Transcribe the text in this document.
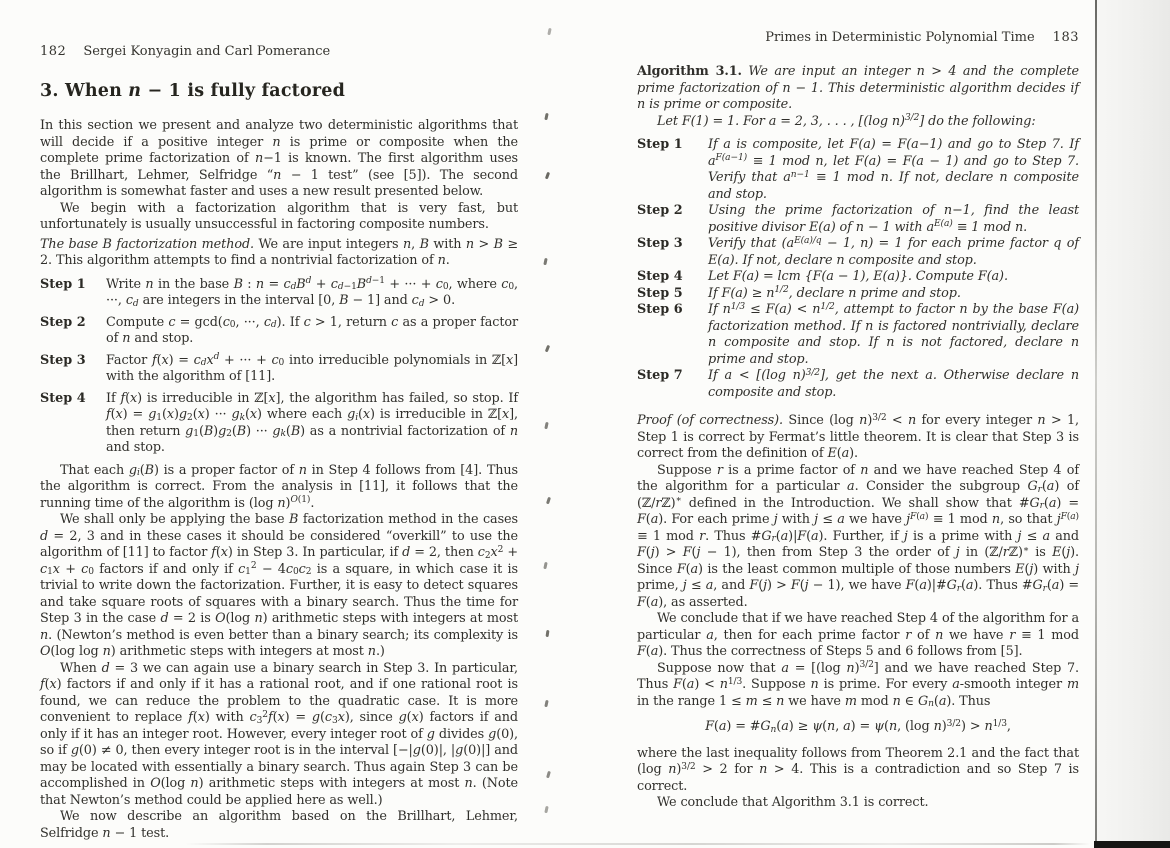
182 Sergei Konyagin and Carl Pomerance
3. When n − 1 is fully factored

In this section we present and analyze two deterministic algorithms that will decide if a positive integer n is prime or composite when the complete prime factorization of n−1 is known. The first algorithm uses the Brillhart, Lehmer, Selfridge “n − 1 test” (see [5]). The second algorithm is somewhat faster and uses a new result presented below.

We begin with a factorization algorithm that is very fast, but unfortunately is usually unsuccessful in factoring composite numbers.

The base B factorization method. We are input integers n, B with n > B ≥ 2. This algorithm attempts to find a nontrivial factorization of n.

Step 1	Write n in the base B : $n = c_dB^d + c_{d-1}B^{d-1}$ + ··· + $c_0$, where $c_0$, ···, $c_d$ are integers in the interval [0, B − 1] and $c_d > 0$.

Step 2	Compute $c = \gcd(c_0$, ···, $c_d$). If c > 1, return c as a proper factor of n and stop.

Step 3	Factor $f(x) = c_dx^d$ + ··· + $c_0$ into irreducible polynomials in ℤ[x] with the algorithm of [11].

Step 4	If f(x) is irreducible in ℤ[x], the algorithm has failed, so stop. If $f(x) = g_1(x)g_2(x)$ ··· $g_k(x)$ where each $g_i(x)$ is irreducible in ℤ[x], then return $g_1(B)g_2(B)$ ··· $g_k(B)$ as a nontrivial factorization of n and stop.

That each $g_i(B)$ is a proper factor of n in Step 4 follows from [4]. Thus the algorithm is correct. From the analysis in [11], it follows that the running time of the algorithm is (log n)$^{O(1)}$.

We shall only be applying the base B factorization method in the cases d = 2, 3 and in these cases it should be considered “overkill” to use the algorithm of [11] to factor f(x) in Step 3. In particular, if d = 2, then $c_2x^2 + c_1x + c_0$ factors if and only if $c_1^2 - 4c_0c_2$ is a square, in which case it is trivial to write down the factorization. Further, it is easy to detect squares and take square roots of squares with a binary search. Thus the time for Step 3 in the case d = 2 is O(log n) arithmetic steps with integers at most n. (Newton’s method is even better than a binary search; its complexity is O(log log n) arithmetic steps with integers at most n.)

When d = 3 we can again use a binary search in Step 3. In particular, f(x) factors if and only if it has a rational root, and if one rational root is found, we can reduce the problem to the quadratic case. It is more convenient to replace f(x) with $c_3^2f(x) = g(c_3x)$, since g(x) factors if and only if it has an integer root. However, every integer root of g divides g(0), so if g(0) ≠ 0, then every integer root is in the interval [−|g(0)|, |g(0)|] and may be located with essentially a binary search. Thus again Step 3 can be accomplished in O(log n) arithmetic steps with integers at most n. (Note that Newton’s method could be applied here as well.)

We now describe an algorithm based on the Brillhart, Lehmer, Selfridge n − 1 test.

Primes in Deterministic Polynomial Time 183

Algorithm 3.1. We are input an integer n > 4 and the complete prime factorization of n − 1. This deterministic algorithm decides if n is prime or composite.

Let F(1) = 1. For a = 2, 3, . . . , [(log n)$^{3/2}$] do the following:

Step 1	If a is composite, let F(a) = F(a−1) and go to Step 7. If $a^{F(a-1)} \equiv 1$ mod n, let F(a) = F(a − 1) and go to Step 7. Verify that $a^{n-1} \equiv 1$ mod n. If not, declare n composite and stop.

Step 2	Using the prime factorization of n−1, find the least positive divisor E(a) of n − 1 with $a^{E(a)} \equiv 1$ mod n.

Step 3	Verify that ($a^{E(a)/q} - 1$, n) = 1 for each prime factor q of E(a). If not, declare n composite and stop.

Step 4	Let F(a) = lcm {F(a − 1), E(a)}. Compute F(a).

Step 5	If $F(a) \ge n^{1/2}$, declare n prime and stop.

Step 6	If $n^{1/3} \le F(a) < n^{1/2}$, attempt to factor n by the base F(a) factorization method. If n is factored nontrivially, declare n composite and stop. If n is not factored, declare n prime and stop.

Step 7	If a < [(log n)$^{3/2}$], get the next a. Otherwise declare n composite and stop.

Proof (of correctness). Since (log n)$^{3/2}$ < n for every integer n > 1, Step 1 is correct by Fermat’s little theorem. It is clear that Step 3 is correct from the definition of E(a).

Suppose r is a prime factor of n and we have reached Step 4 of the algorithm for a particular a. Consider the subgroup $G_r(a)$ of (ℤ/rℤ)∗ defined in the Introduction. We shall show that $\#G_r(a) = F(a)$. For each prime j with j ≤ a we have $j^{F(a)} \equiv 1$ mod n, so that $j^{F(a)} \equiv 1$ mod r. Thus $\#G_r(a)|F(a)$. Further, if j is a prime with j ≤ a and F(j) > F(j − 1), then from Step 3 the order of j in (ℤ/rℤ)∗ is E(j). Since F(a) is the least common multiple of those numbers E(j) with j prime, j ≤ a, and F(j) > F(j − 1), we have $F(a)|\#G_r(a)$. Thus $\#G_r(a) = F(a)$, as asserted.

We conclude that if we have reached Step 4 of the algorithm for a particular a, then for each prime factor r of n we have r ≡ 1 mod F(a). Thus the correctness of Steps 5 and 6 follows from [5].

Suppose now that a = [(log n)$^{3/2}$] and we have reached Step 7. Thus $F(a) < n^{1/3}$. Suppose n is prime. For every a-smooth integer m in the range 1 ≤ m ≤ n we have m mod n ∈ $G_n(a)$. Thus

$F(a) = \#G_n(a) \ge \psi(n$, a) = ψ(n, (log $n)^{3/2}) > n^{1/3}$,

where the last inequality follows from Theorem 2.1 and the fact that (log n)$^{3/2}$ > 2 for n > 4. This is a contradiction and so Step 7 is correct.

We conclude that Algorithm 3.1 is correct.
